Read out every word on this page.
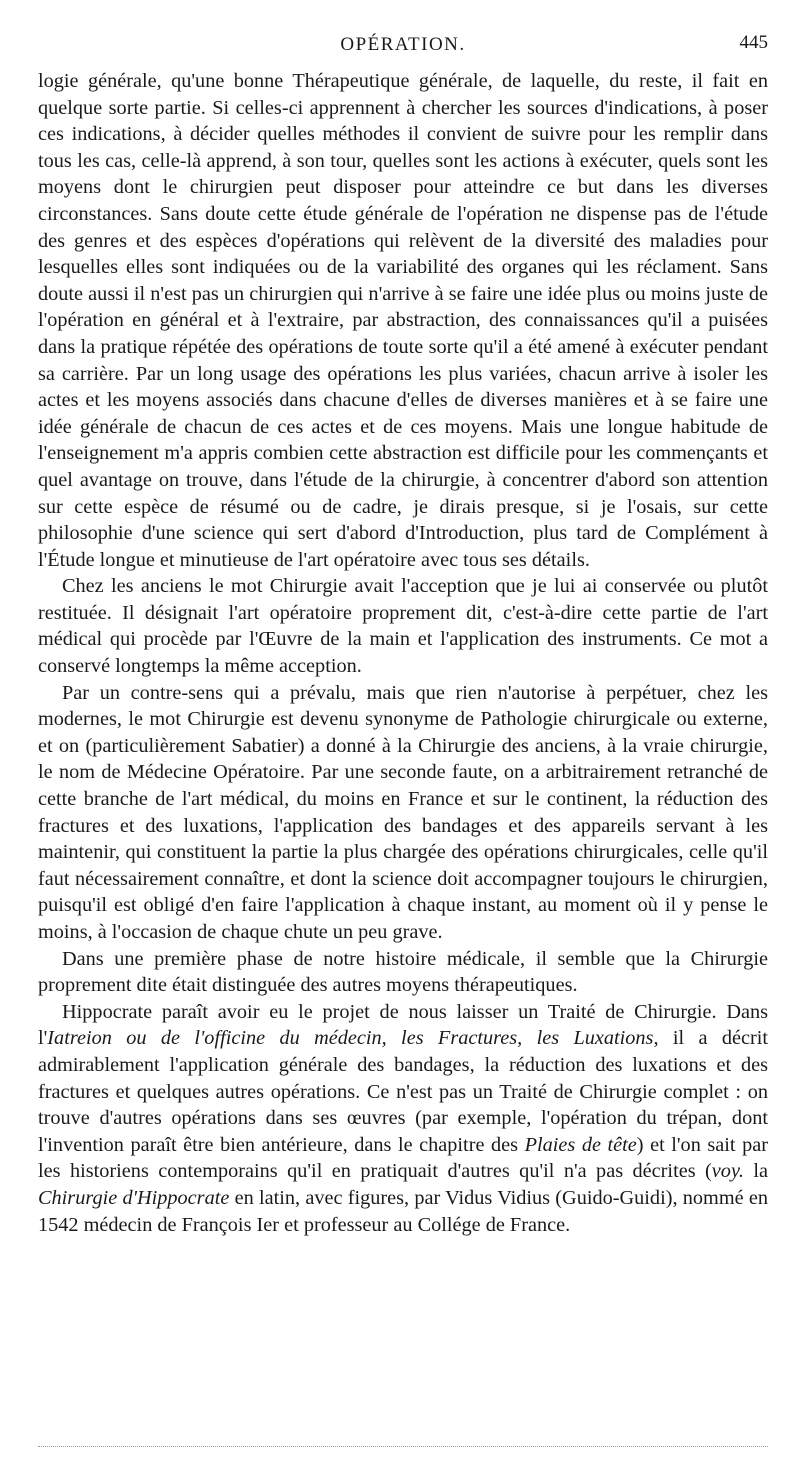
OPÉRATION.	445

logie générale, qu'une bonne Thérapeutique générale, de laquelle, du reste, il fait en quelque sorte partie. Si celles-ci apprennent à chercher les sources d'indications, à poser ces indications, à décider quelles méthodes il convient de suivre pour les remplir dans tous les cas, celle-là apprend, à son tour, quelles sont les actions à exécuter, quels sont les moyens dont le chirurgien peut disposer pour atteindre ce but dans les diverses circonstances. Sans doute cette étude générale de l'opération ne dispense pas de l'étude des genres et des espèces d'opérations qui relèvent de la diversité des maladies pour lesquelles elles sont indiquées ou de la variabilité des organes qui les réclament. Sans doute aussi il n'est pas un chirurgien qui n'arrive à se faire une idée plus ou moins juste de l'opération en général et à l'extraire, par abstraction, des connaissances qu'il a puisées dans la pratique répétée des opérations de toute sorte qu'il a été amené à exécuter pendant sa carrière. Par un long usage des opérations les plus variées, chacun arrive à isoler les actes et les moyens associés dans chacune d'elles de diverses manières et à se faire une idée générale de chacun de ces actes et de ces moyens. Mais une longue habitude de l'enseignement m'a appris combien cette abstraction est difficile pour les commençants et quel avantage on trouve, dans l'étude de la chirurgie, à concentrer d'abord son attention sur cette espèce de résumé ou de cadre, je dirais presque, si je l'osais, sur cette philosophie d'une science qui sert d'abord d'Introduction, plus tard de Complément à l'Étude longue et minutieuse de l'art opératoire avec tous ses détails.

Chez les anciens le mot Chirurgie avait l'acception que je lui ai conservée ou plutôt restituée. Il désignait l'art opératoire proprement dit, c'est-à-dire cette partie de l'art médical qui procède par l'Œuvre de la main et l'application des instruments. Ce mot a conservé longtemps la même acception.

Par un contre-sens qui a prévalu, mais que rien n'autorise à perpétuer, chez les modernes, le mot Chirurgie est devenu synonyme de Pathologie chirurgicale ou externe, et on (particulièrement Sabatier) a donné à la Chirurgie des anciens, à la vraie chirurgie, le nom de Médecine Opératoire. Par une seconde faute, on a arbitrairement retranché de cette branche de l'art médical, du moins en France et sur le continent, la réduction des fractures et des luxations, l'application des bandages et des appareils servant à les maintenir, qui constituent la partie la plus chargée des opérations chirurgicales, celle qu'il faut nécessairement connaître, et dont la science doit accompagner toujours le chirurgien, puisqu'il est obligé d'en faire l'application à chaque instant, au moment où il y pense le moins, à l'occasion de chaque chute un peu grave.

Dans une première phase de notre histoire médicale, il semble que la Chirurgie proprement dite était distinguée des autres moyens thérapeutiques.

Hippocrate paraît avoir eu le projet de nous laisser un Traité de Chirurgie. Dans l'Iatreion ou de l'officine du médecin, les Fractures, les Luxations, il a décrit admirablement l'application générale des bandages, la réduction des luxations et des fractures et quelques autres opérations. Ce n'est pas un Traité de Chirurgie complet : on trouve d'autres opérations dans ses œuvres (par exemple, l'opération du trépan, dont l'invention paraît être bien antérieure, dans le chapitre des Plaies de tête) et l'on sait par les historiens contemporains qu'il en pratiquait d'autres qu'il n'a pas décrites (voy. la Chirurgie d'Hippocrate en latin, avec figures, par Vidus Vidius (Guido-Guidi), nommé en 1542 médecin de François Ier et professeur au Collége de France.
